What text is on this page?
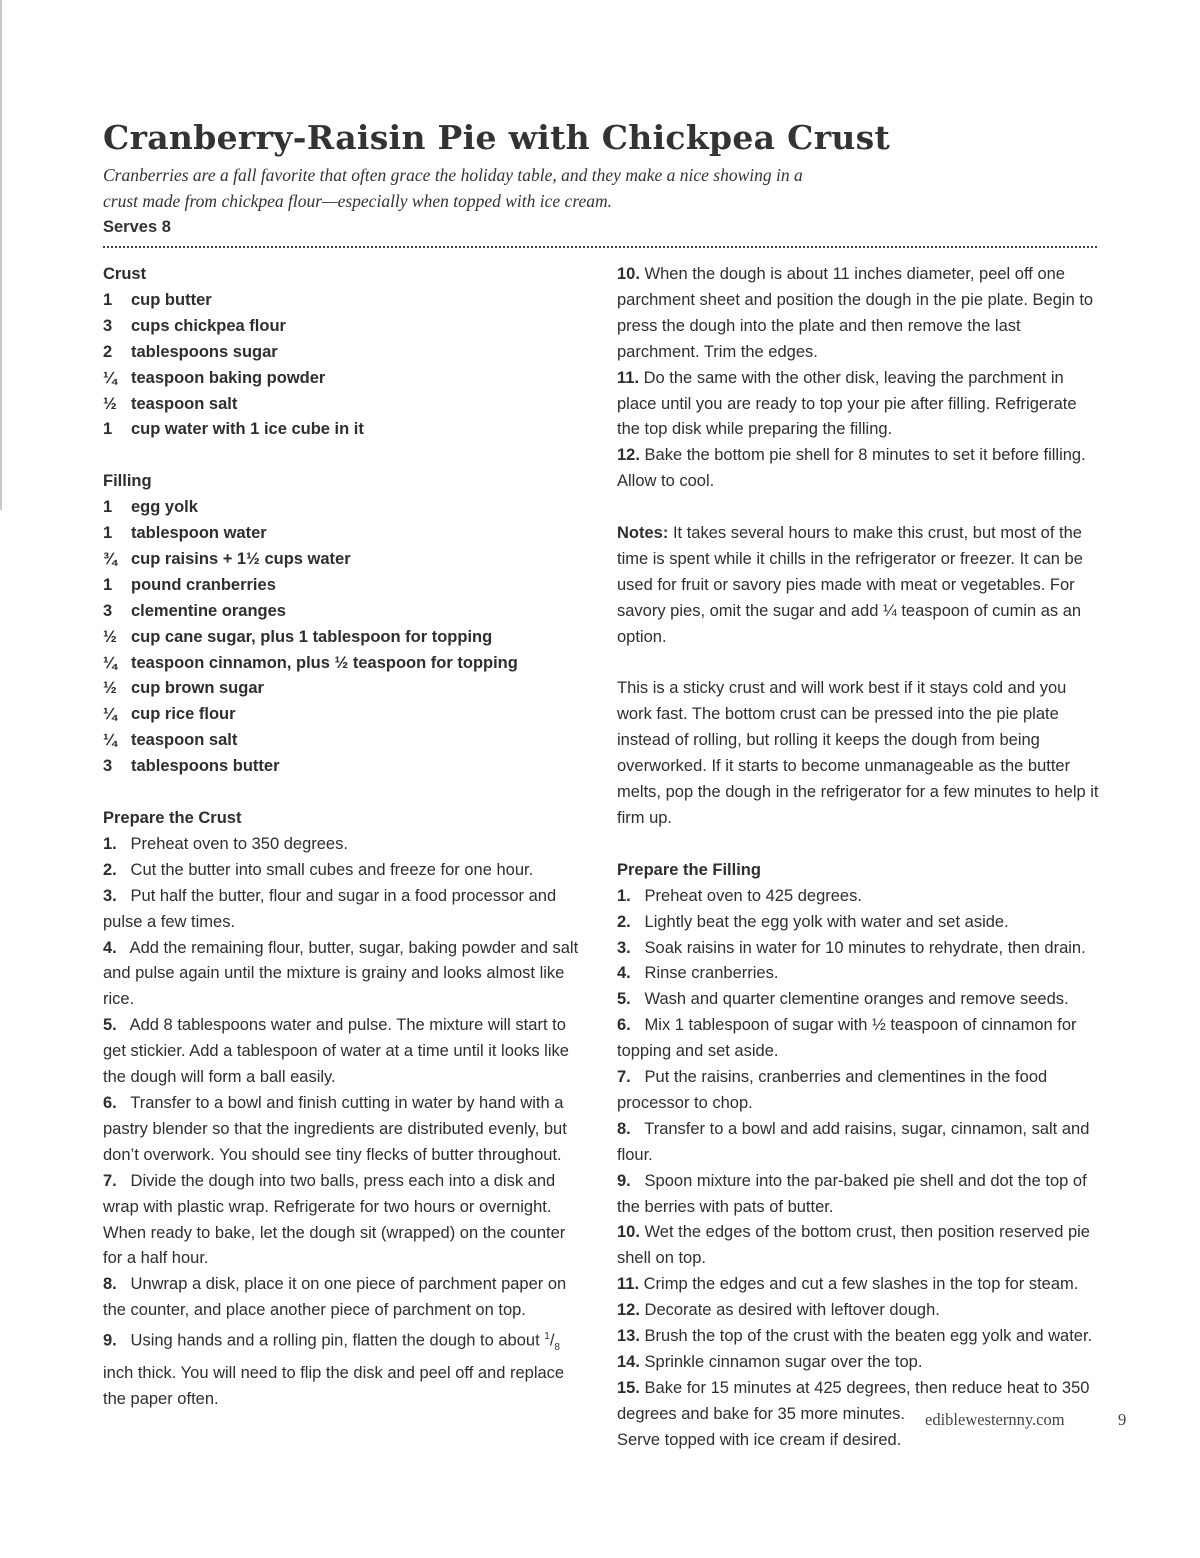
Cranberry-Raisin Pie with Chickpea Crust
Cranberries are a fall favorite that often grace the holiday table, and they make a nice showing in a crust made from chickpea flour—especially when topped with ice cream.
Serves 8
Crust
1	cup butter
3	cups chickpea flour
2	tablespoons sugar
¼ teaspoon baking powder
½ teaspoon salt
1	cup water with 1 ice cube in it
Filling
1	egg yolk
1	tablespoon water
¾ cup raisins + 1½ cups water
1	pound cranberries
3	clementine oranges
½ cup cane sugar, plus 1 tablespoon for topping
¼ teaspoon cinnamon, plus ½ teaspoon for topping
½ cup brown sugar
¼ cup rice flour
¼ teaspoon salt
3	tablespoons butter
Prepare the Crust
1. Preheat oven to 350 degrees.
2. Cut the butter into small cubes and freeze for one hour.
3. Put half the butter, flour and sugar in a food processor and pulse a few times.
4. Add the remaining flour, butter, sugar, baking powder and salt and pulse again until the mixture is grainy and looks almost like rice.
5. Add 8 tablespoons water and pulse. The mixture will start to get stickier. Add a tablespoon of water at a time until it looks like the dough will form a ball easily.
6. Transfer to a bowl and finish cutting in water by hand with a pastry blender so that the ingredients are distributed evenly, but don’t overwork. You should see tiny flecks of butter throughout.
7. Divide the dough into two balls, press each into a disk and wrap with plastic wrap. Refrigerate for two hours or overnight. When ready to bake, let the dough sit (wrapped) on the counter for a half hour.
8. Unwrap a disk, place it on one piece of parchment paper on the counter, and place another piece of parchment on top.
9. Using hands and a rolling pin, flatten the dough to about $^1/_8$ inch thick. You will need to flip the disk and peel off and replace the paper often.
10. When the dough is about 11 inches diameter, peel off one parchment sheet and position the dough in the pie plate. Begin to press the dough into the plate and then remove the last parchment. Trim the edges.
11. Do the same with the other disk, leaving the parchment in place until you are ready to top your pie after filling. Refrigerate the top disk while preparing the filling.
12. Bake the bottom pie shell for 8 minutes to set it before filling. Allow to cool.
Notes: It takes several hours to make this crust, but most of the time is spent while it chills in the refrigerator or freezer. It can be used for fruit or savory pies made with meat or vegetables. For savory pies, omit the sugar and add ¼ teaspoon of cumin as an option.
This is a sticky crust and will work best if it stays cold and you work fast. The bottom crust can be pressed into the pie plate instead of rolling, but rolling it keeps the dough from being overworked. If it starts to become unmanageable as the butter melts, pop the dough in the refrigerator for a few minutes to help it firm up.
Prepare the Filling
1. Preheat oven to 425 degrees.
2. Lightly beat the egg yolk with water and set aside.
3. Soak raisins in water for 10 minutes to rehydrate, then drain.
4. Rinse cranberries.
5. Wash and quarter clementine oranges and remove seeds.
6. Mix 1 tablespoon of sugar with ½ teaspoon of cinnamon for topping and set aside.
7. Put the raisins, cranberries and clementines in the food processor to chop.
8. Transfer to a bowl and add raisins, sugar, cinnamon, salt and flour.
9. Spoon mixture into the par-baked pie shell and dot the top of the berries with pats of butter.
10. Wet the edges of the bottom crust, then position reserved pie shell on top.
11. Crimp the edges and cut a few slashes in the top for steam.
12. Decorate as desired with leftover dough.
13. Brush the top of the crust with the beaten egg yolk and water.
14. Sprinkle cinnamon sugar over the top.
15. Bake for 15 minutes at 425 degrees, then reduce heat to 350 degrees and bake for 35 more minutes.
Serve topped with ice cream if desired.
ediblewesternny.com	9
